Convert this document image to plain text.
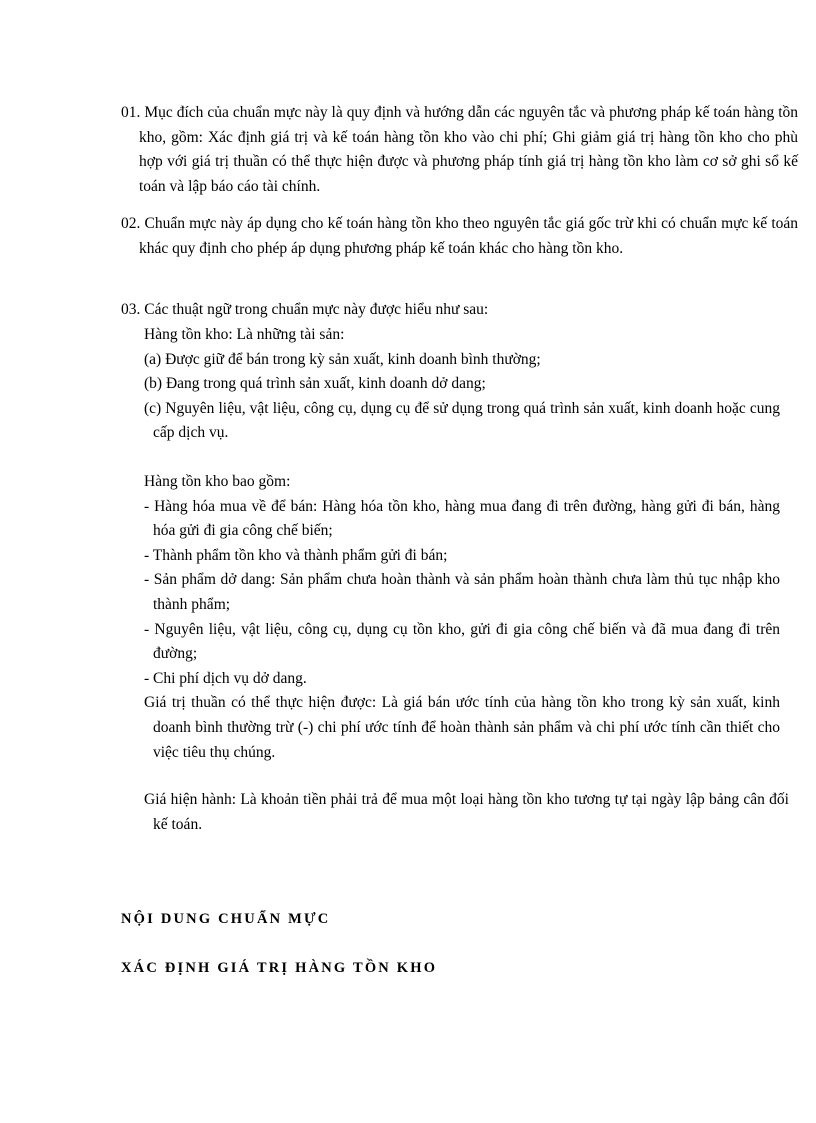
01. Mục đích của chuẩn mực này là quy định và hướng dẫn các nguyên tắc và phương pháp kế toán hàng tồn kho, gồm: Xác định giá trị và kế toán hàng tồn kho vào chi phí; Ghi giảm giá trị hàng tồn kho cho phù hợp với giá trị thuần có thể thực hiện được và phương pháp tính giá trị hàng tồn kho làm cơ sở ghi sổ kế toán và lập báo cáo tài chính.
02. Chuẩn mực này áp dụng cho kế toán hàng tồn kho theo nguyên tắc giá gốc trừ khi có chuẩn mực kế toán khác quy định cho phép áp dụng phương pháp kế toán khác cho hàng tồn kho.
03. Các thuật ngữ trong chuẩn mực này được hiểu như sau:
Hàng tồn kho: Là những tài sản:
(a) Được giữ để bán trong kỳ sản xuất, kinh doanh bình thường;
(b) Đang trong quá trình sản xuất, kinh doanh dở dang;
(c) Nguyên liệu, vật liệu, công cụ, dụng cụ để sử dụng trong quá trình sản xuất, kinh doanh hoặc cung cấp dịch vụ.
Hàng tồn kho bao gồm:
- Hàng hóa mua về để bán: Hàng hóa tồn kho, hàng mua đang đi trên đường, hàng gửi đi bán, hàng hóa gửi đi gia công chế biến;
- Thành phẩm tồn kho và thành phẩm gửi đi bán;
- Sản phẩm dở dang: Sản phẩm chưa hoàn thành và sản phẩm hoàn thành chưa làm thủ tục nhập kho thành phẩm;
- Nguyên liệu, vật liệu, công cụ, dụng cụ tồn kho, gửi đi gia công chế biến và đã mua đang đi trên đường;
- Chi phí dịch vụ dở dang.
Giá trị thuần có thể thực hiện được: Là giá bán ước tính của hàng tồn kho trong kỳ sản xuất, kinh doanh bình thường trừ (-) chi phí ước tính để hoàn thành sản phẩm và chi phí ước tính cần thiết cho việc tiêu thụ chúng.
Giá hiện hành: Là khoản tiền phải trả để mua một loại hàng tồn kho tương tự tại ngày lập bảng cân đối kế toán.
NỘI DUNG CHUẨN MỰC
XÁC ĐỊNH GIÁ TRỊ HÀNG TỒN KHO
